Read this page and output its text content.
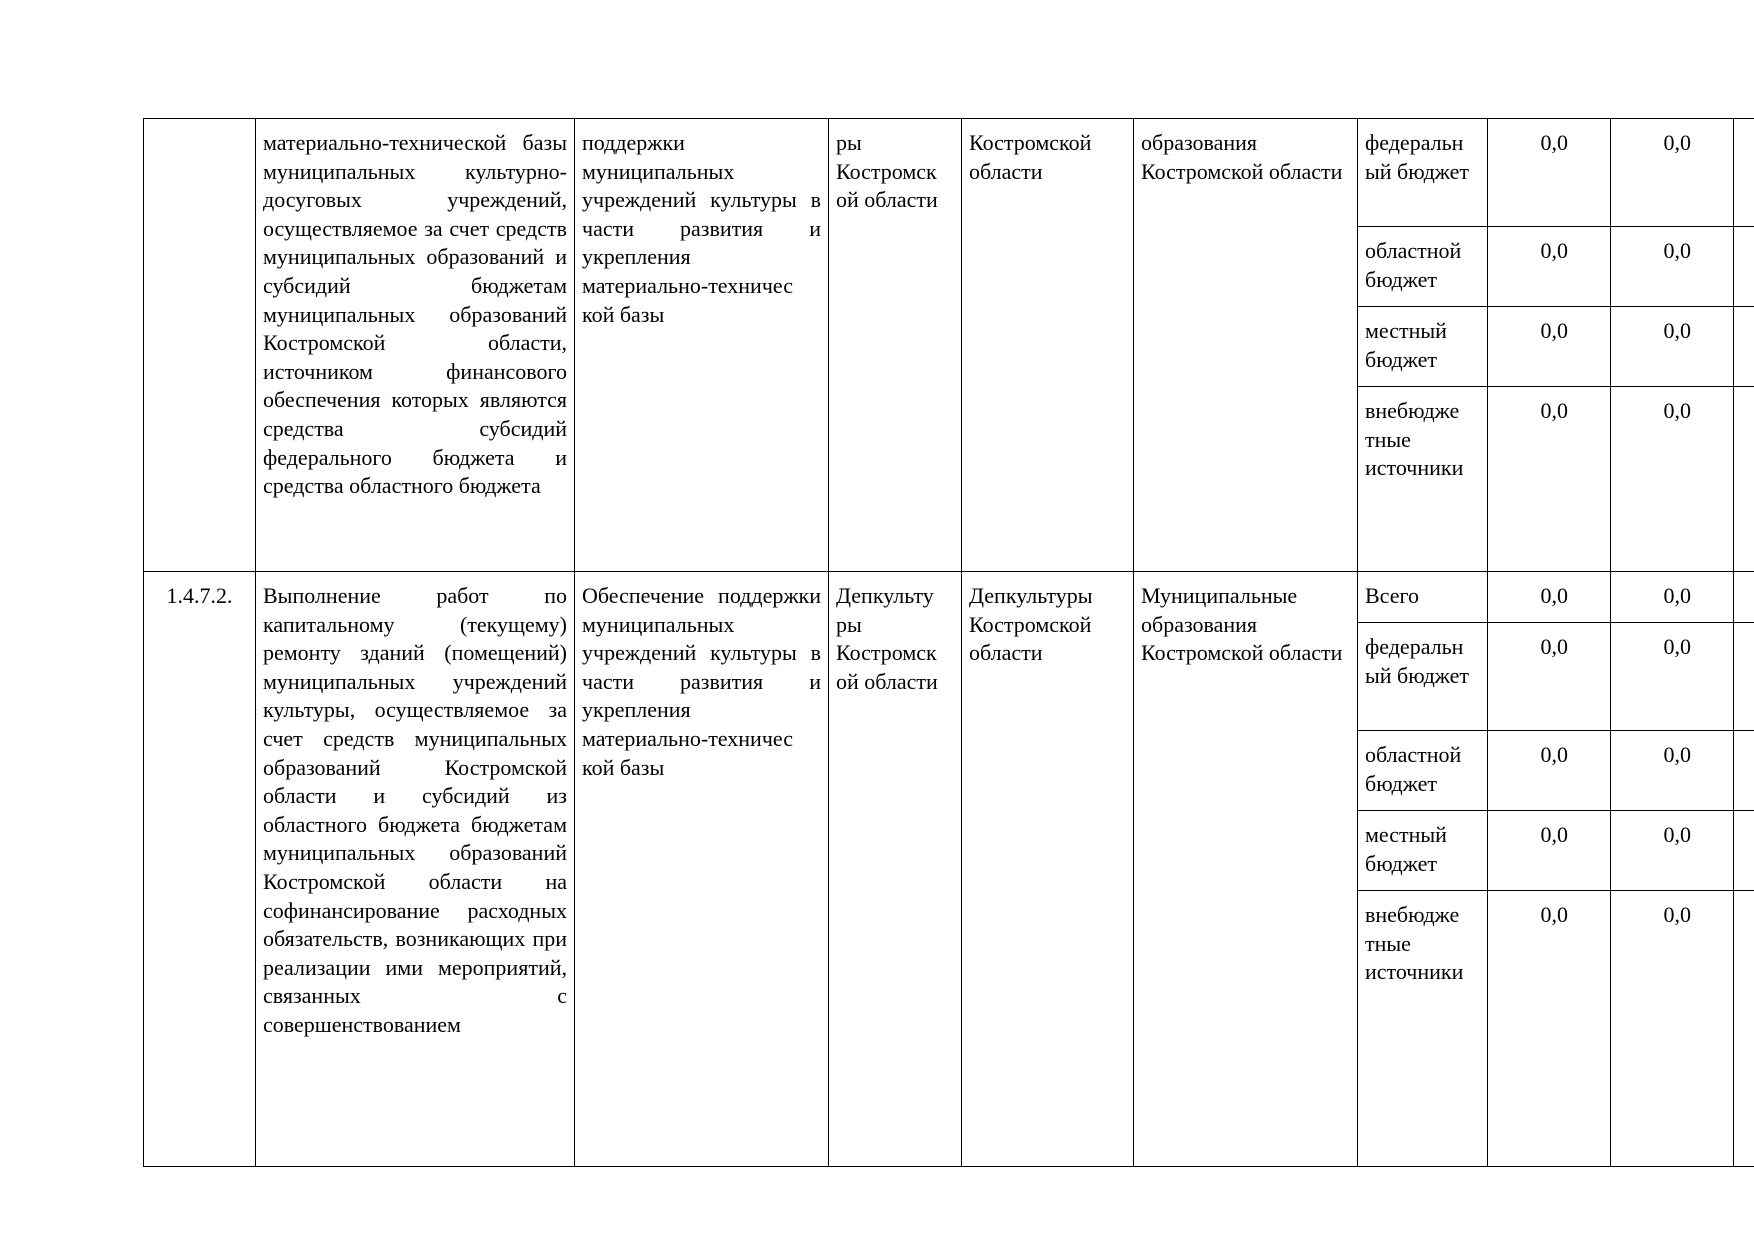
	материально-технической базы муниципальных культурно-досуговых учреждений, осуществляемое за счет средств муниципальных образований и субсидий бюджетам муниципальных образований Костромской области, источником финансового обеспечения которых являются средства субсидий федерального бюджета и средства областного бюджета	поддержки муниципальных учреждений культуры в части развития и укрепления материально-техничес кой базы	ры Костромск ой области	Костромской области	образования Костромской области	федеральн ый бюджет	0,0	0,0	
						областной бюджет	0,0	0,0	
						местный бюджет	0,0	0,0	
						внебюдже тные источники	0,0	0,0	
1.4.7.2.	Выполнение работ по капитальному (текущему) ремонту зданий (помещений) муниципальных учреждений культуры, осуществляемое за счет средств муниципальных образований Костромской области и субсидий из областного бюджета бюджетам муниципальных образований Костромской области на софинансирование расходных обязательств, возникающих при реализации ими мероприятий, связанных с совершенствованием	Обеспечение поддержки муниципальных учреждений культуры в части развития и укрепления материально-техничес кой базы	Депкульту ры Костромск ой области	Депкультуры Костромской области	Муниципальные образования Костромской области	Всего	0,0	0,0	
						федеральн ый бюджет	0,0	0,0	
						областной бюджет	0,0	0,0	
						местный бюджет	0,0	0,0	
						внебюдже тные источники	0,0	0,0	
